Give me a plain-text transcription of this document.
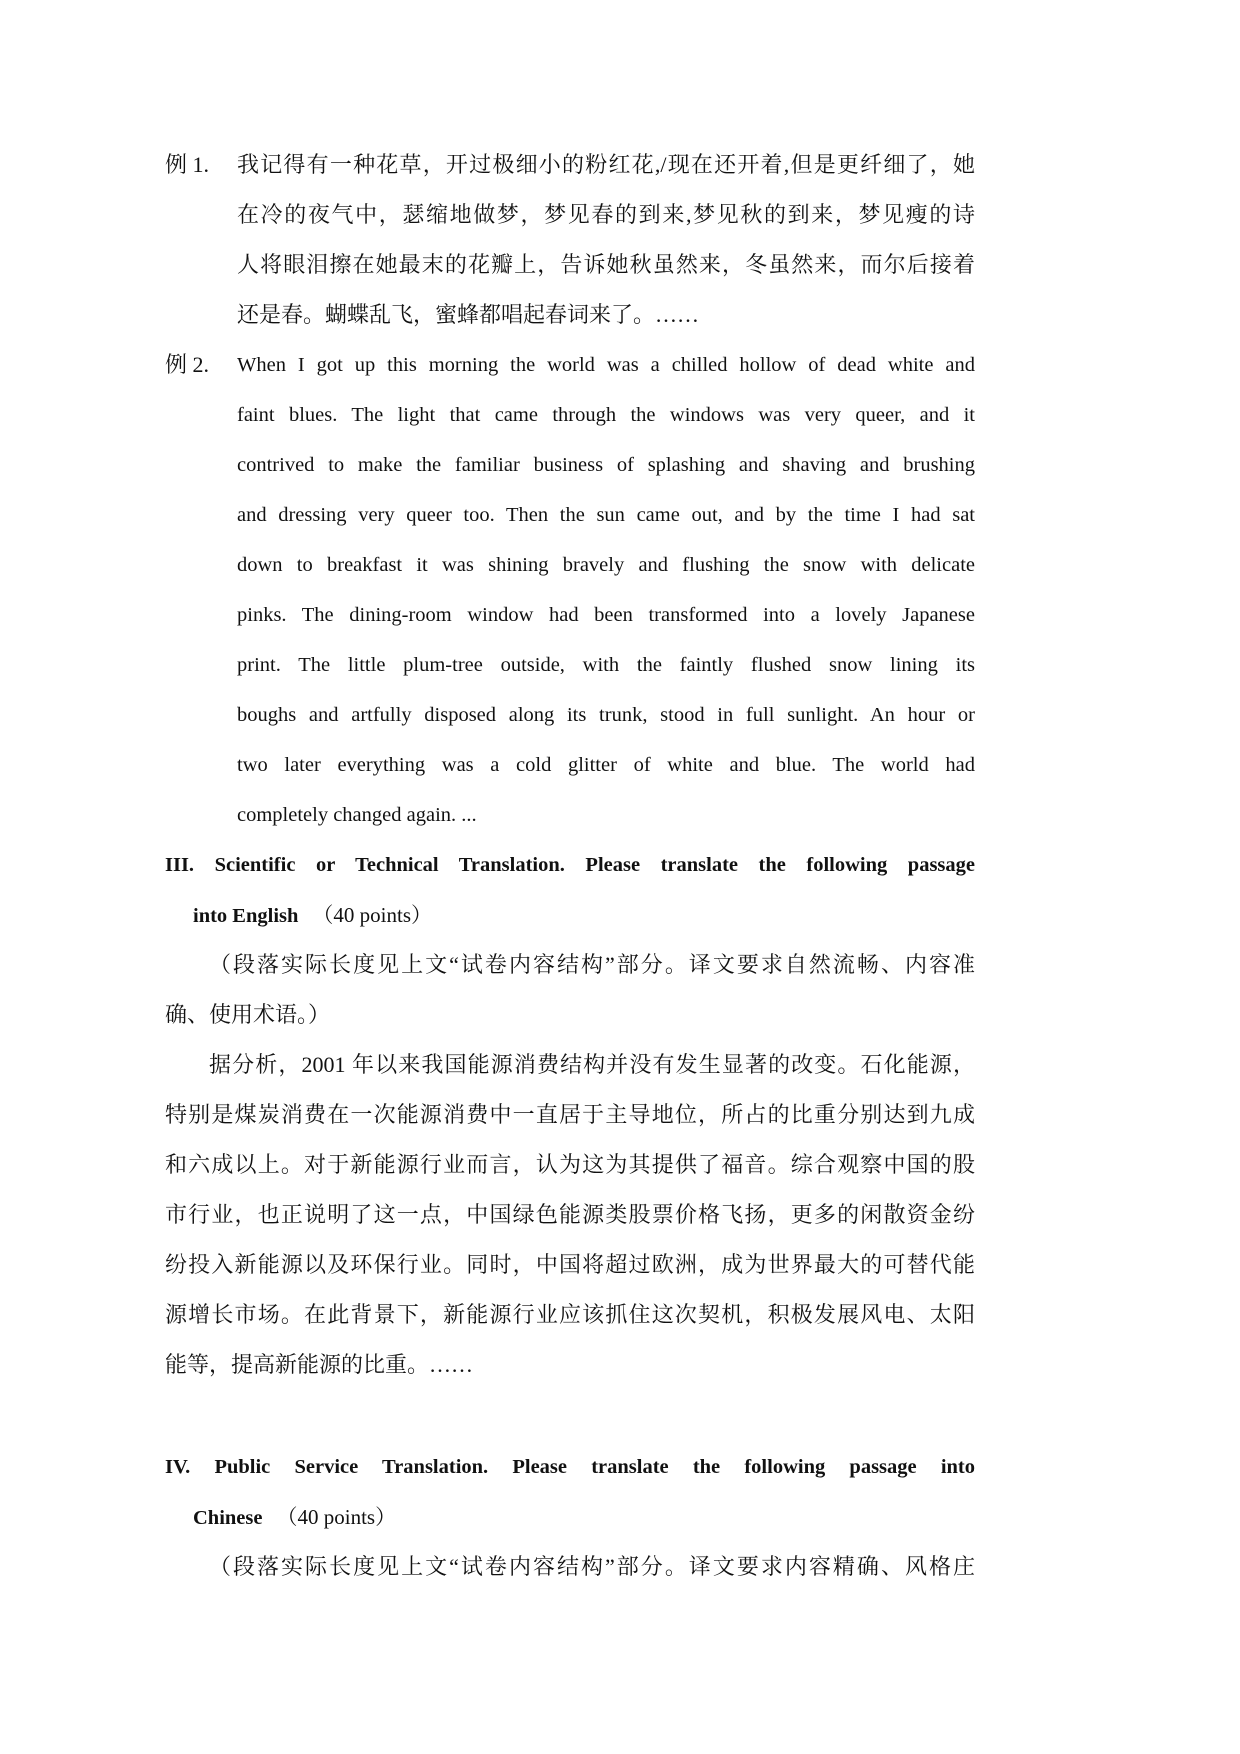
例 1.	我记得有一种花草，开过极细小的粉红花,/现在还开着,但是更纤细了，她
在冷的夜气中，瑟缩地做梦，梦见春的到来,梦见秋的到来，梦见瘦的诗
人将眼泪擦在她最末的花瓣上，告诉她秋虽然来，冬虽然来，而尔后接着
还是春。蝴蝶乱飞，蜜蜂都唱起春词来了。……
例 2.	When I got up this morning the world was a chilled hollow of dead white and
faint blues. The light that came through the windows was very queer, and it
contrived to make the familiar business of splashing and shaving and brushing
and dressing very queer too. Then the sun came out, and by the time I had sat
down to breakfast it was shining bravely and flushing the snow with delicate
pinks. The dining-room window had been transformed into a lovely Japanese
print. The little plum-tree outside, with the faintly flushed snow lining its
boughs and artfully disposed along its trunk, stood in full sunlight. An hour or
two later everything was a cold glitter of white and blue. The world had
completely changed again. ...
III. Scientific or Technical Translation. Please translate the following passage
into English （40 points）
（段落实际长度见上文“试卷内容结构”部分。译文要求自然流畅、内容准
确、使用术语。）
据分析，2001 年以来我国能源消费结构并没有发生显著的改变。石化能源，
特别是煤炭消费在一次能源消费中一直居于主导地位，所占的比重分别达到九成
和六成以上。对于新能源行业而言，认为这为其提供了福音。综合观察中国的股
市行业，也正说明了这一点，中国绿色能源类股票价格飞扬，更多的闲散资金纷
纷投入新能源以及环保行业。同时，中国将超过欧洲，成为世界最大的可替代能
源增长市场。在此背景下，新能源行业应该抓住这次契机，积极发展风电、太阳
能等，提高新能源的比重。……
IV. Public Service Translation. Please translate the following passage into
Chinese （40 points）
（段落实际长度见上文“试卷内容结构”部分。译文要求内容精确、风格庄
